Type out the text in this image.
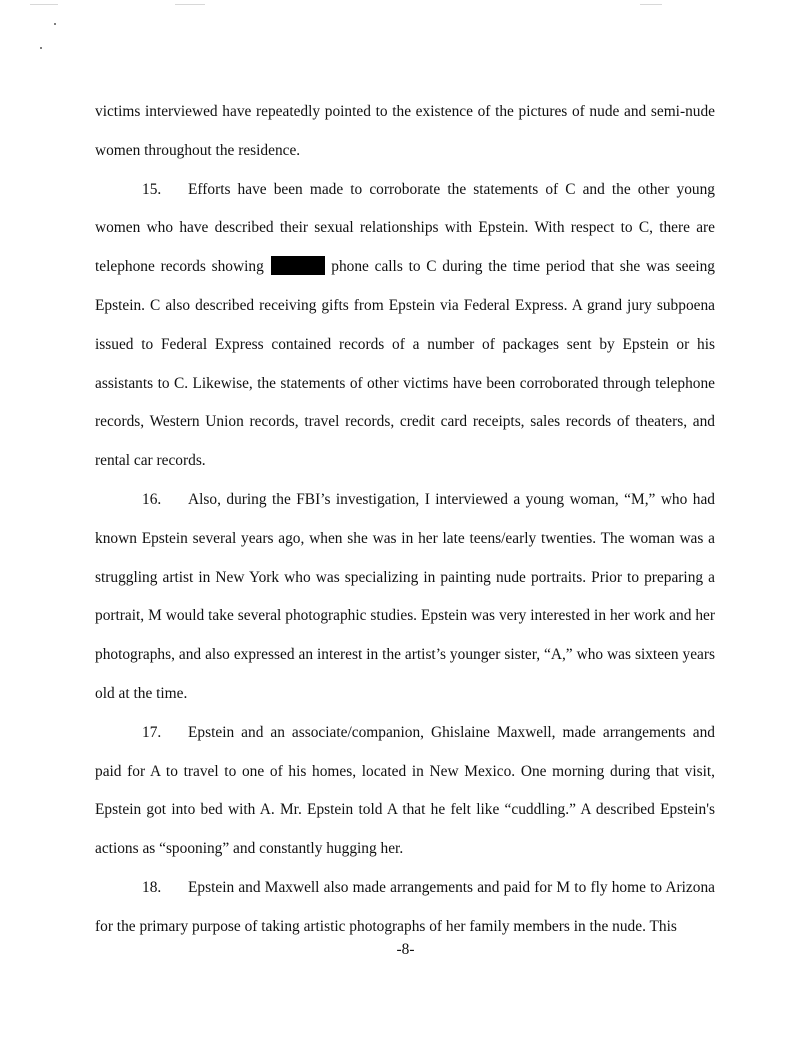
victims interviewed have repeatedly pointed to the existence of the pictures of nude and semi-nude women throughout the residence.

15. Efforts have been made to corroborate the statements of C and the other young women who have described their sexual relationships with Epstein. With respect to C, there are telephone records showing	phone calls to C during the time period that she was seeing Epstein. C also described receiving gifts from Epstein via Federal Express. A grand jury subpoena issued to Federal Express contained records of a number of packages sent by Epstein or his assistants to C. Likewise, the statements of other victims have been corroborated through telephone records, Western Union records, travel records, credit card receipts, sales records of theaters, and rental car records.

16. Also, during the FBI’s investigation, I interviewed a young woman, “M,” who had known Epstein several years ago, when she was in her late teens/early twenties. The woman was a struggling artist in New York who was specializing in painting nude portraits. Prior to preparing a portrait, M would take several photographic studies. Epstein was very interested in her work and her photographs, and also expressed an interest in the artist’s younger sister, “A,” who was sixteen years old at the time.

17. Epstein and an associate/companion, Ghislaine Maxwell, made arrangements and paid for A to travel to one of his homes, located in New Mexico. One morning during that visit, Epstein got into bed with A. Mr. Epstein told A that he felt like “cuddling.” A described Epstein's actions as “spooning” and constantly hugging her.

18. Epstein and Maxwell also made arrangements and paid for M to fly home to Arizona for the primary purpose of taking artistic photographs of her family members in the nude. This

-8-
